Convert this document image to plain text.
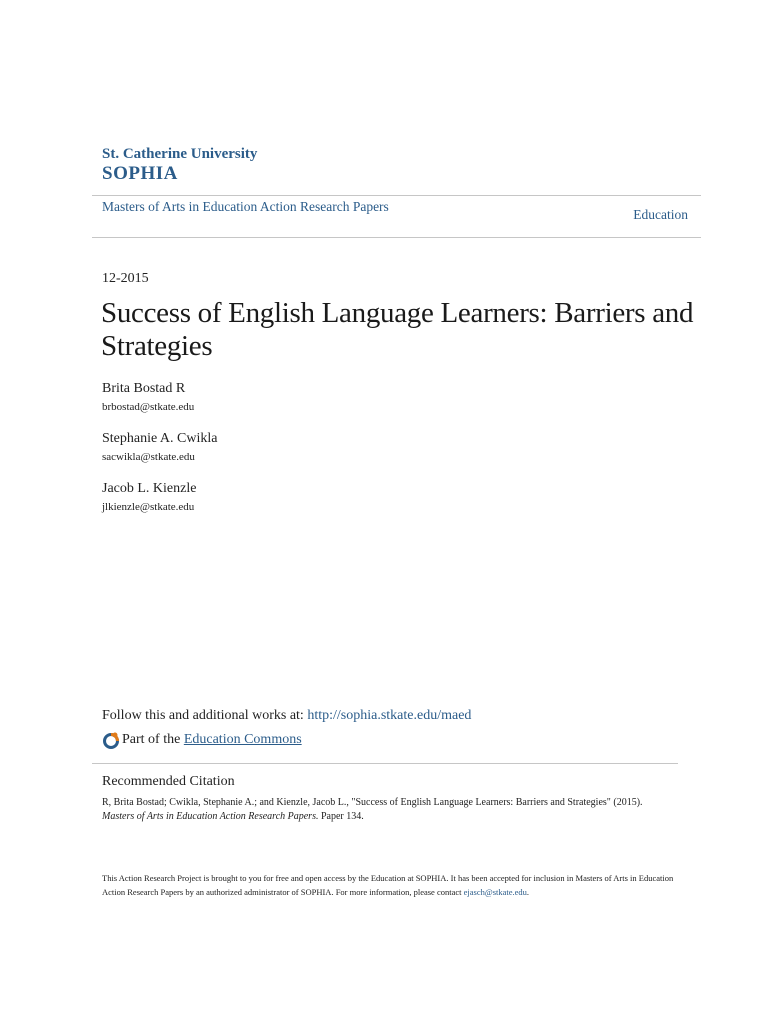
St. Catherine University
SOPHIA
Masters of Arts in Education Action Research Papers
Education
12-2015
Success of English Language Learners: Barriers and Strategies
Brita Bostad R
brbostad@stkate.edu
Stephanie A. Cwikla
sacwikla@stkate.edu
Jacob L. Kienzle
jlkienzle@stkate.edu
Follow this and additional works at: http://sophia.stkate.edu/maed
Part of the
Education Commons
Recommended Citation
R, Brita Bostad; Cwikla, Stephanie A.; and Kienzle, Jacob L., "Success of English Language Learners: Barriers and Strategies" (2015).
Masters of Arts in Education Action Research Papers. Paper 134.
This Action Research Project is brought to you for free and open access by the Education at SOPHIA. It has been accepted for inclusion in Masters of Arts in Education Action Research Papers by an authorized administrator of SOPHIA. For more information, please contact ejasch@stkate.edu.
